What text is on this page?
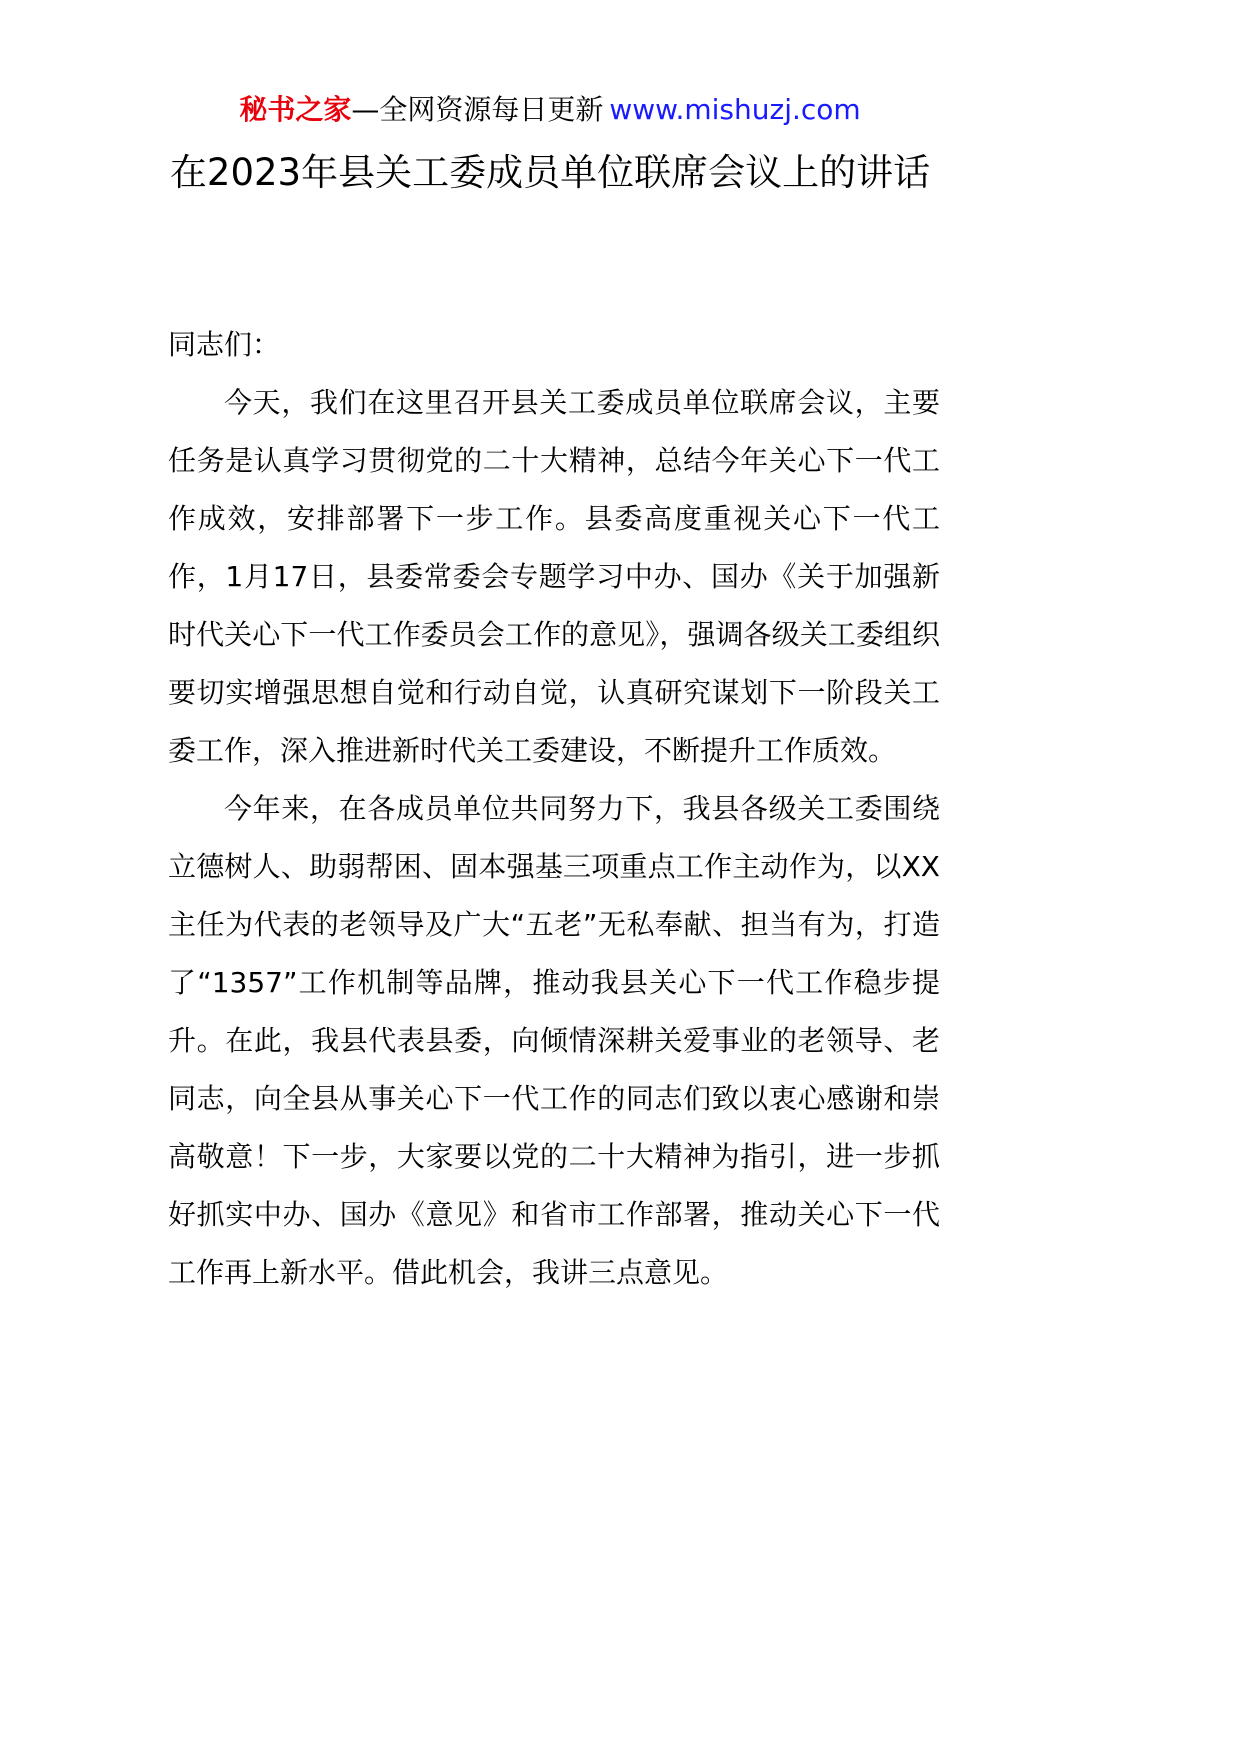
秘书之家—全网资源每日更新 www.mishuzj.com
在2023年县关工委成员单位联席会议上的讲话

同志们：

今天，我们在这里召开县关工委成员单位联席会议，主要任务是认真学习贯彻党的二十大精神，总结今年关心下一代工作成效，安排部署下一步工作。县委高度重视关心下一代工作，1月17日，县委常委会专题学习中办、国办《关于加强新时代关心下一代工作委员会工作的意见》，强调各级关工委组织要切实增强思想自觉和行动自觉，认真研究谋划下一阶段关工委工作，深入推进新时代关工委建设，不断提升工作质效。

今年来，在各成员单位共同努力下，我县各级关工委围绕立德树人、助弱帮困、固本强基三项重点工作主动作为，以XX主任为代表的老领导及广大“五老”无私奉献、担当有为，打造了“1357”工作机制等品牌，推动我县关心下一代工作稳步提升。在此，我县代表县委，向倾情深耕关爱事业的老领导、老同志，向全县从事关心下一代工作的同志们致以衷心感谢和崇高敬意！下一步，大家要以党的二十大精神为指引，进一步抓好抓实中办、国办《意见》和省市工作部署，推动关心下一代工作再上新水平。借此机会，我讲三点意见。
